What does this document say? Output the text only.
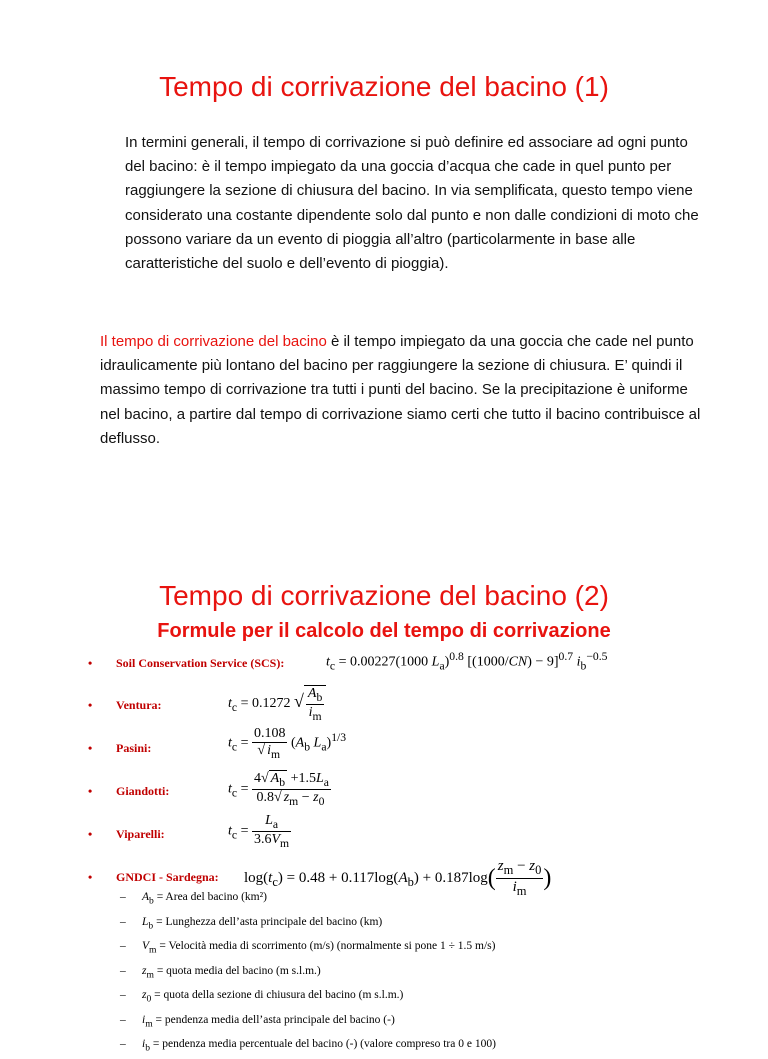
Tempo di corrivazione del bacino (1)
In termini generali, il tempo di corrivazione si può definire ed associare ad ogni punto del bacino: è il tempo impiegato da una goccia d’acqua che cade in quel punto per raggiungere la sezione di chiusura del bacino. In via semplificata, questo tempo viene considerato una costante dipendente solo dal punto e non dalle condizioni di moto che possono variare da un evento di pioggia all’altro (particolarmente in base alle caratteristiche del suolo e dell’evento di pioggia).
Il tempo di corrivazione del bacino è il tempo impiegato da una goccia che cade nel punto idraulicamente più lontano del bacino per raggiungere la sezione di chiusura. E’ quindi il massimo tempo di corrivazione tra tutti i punti del bacino. Se la precipitazione è uniforme nel bacino, a partire dal tempo di corrivazione siamo certi che tutto il bacino contribuisce al deflusso.
Tempo di corrivazione del bacino (2)
Formule per il calcolo del tempo di corrivazione
• Soil Conservation Service (SCS):
• Ventura:
• Pasini:
• Giandotti:
• Viparelli:
• GNDCI - Sardegna:
$t_c = 0.00227(1000$ $L_a)^{0.8}$ $[(1000/CN) - 9]^{0.7}$ $i_b^{-0.5}$
$t_c = 0.1272$ √ $\frac{A_b}{i_m}$
$t_c = \frac{0.108}{√ i_m} (A_b$ $L_a)^{1/3}$
$t_c = \frac{4√ A_b +1.5L_a}{0.8√ z_m - z_0}$
$t_c = \frac{L_a}{3.6V_m}$
$\log(t_c) = 0.48 + 0.117\log(A_b) + 0.187\log( \frac{z_m - z_0}{i_m}$ )
– $A_b$ = Area del bacino (km²)
– $L_b$ = Lunghezza dell’asta principale del bacino (km)
– $V_m$ = Velocità media di scorrimento (m/s) (normalmente si pone 1 ÷ 1.5 m/s)
– $z_m$ = quota media del bacino (m s.l.m.)
– $z_0$ = quota della sezione di chiusura del bacino (m s.l.m.)
– $i_m$ = pendenza media dell’asta principale del bacino (-)
– $i_b$ = pendenza media percentuale del bacino (-) (valore compreso tra 0 e 100)
